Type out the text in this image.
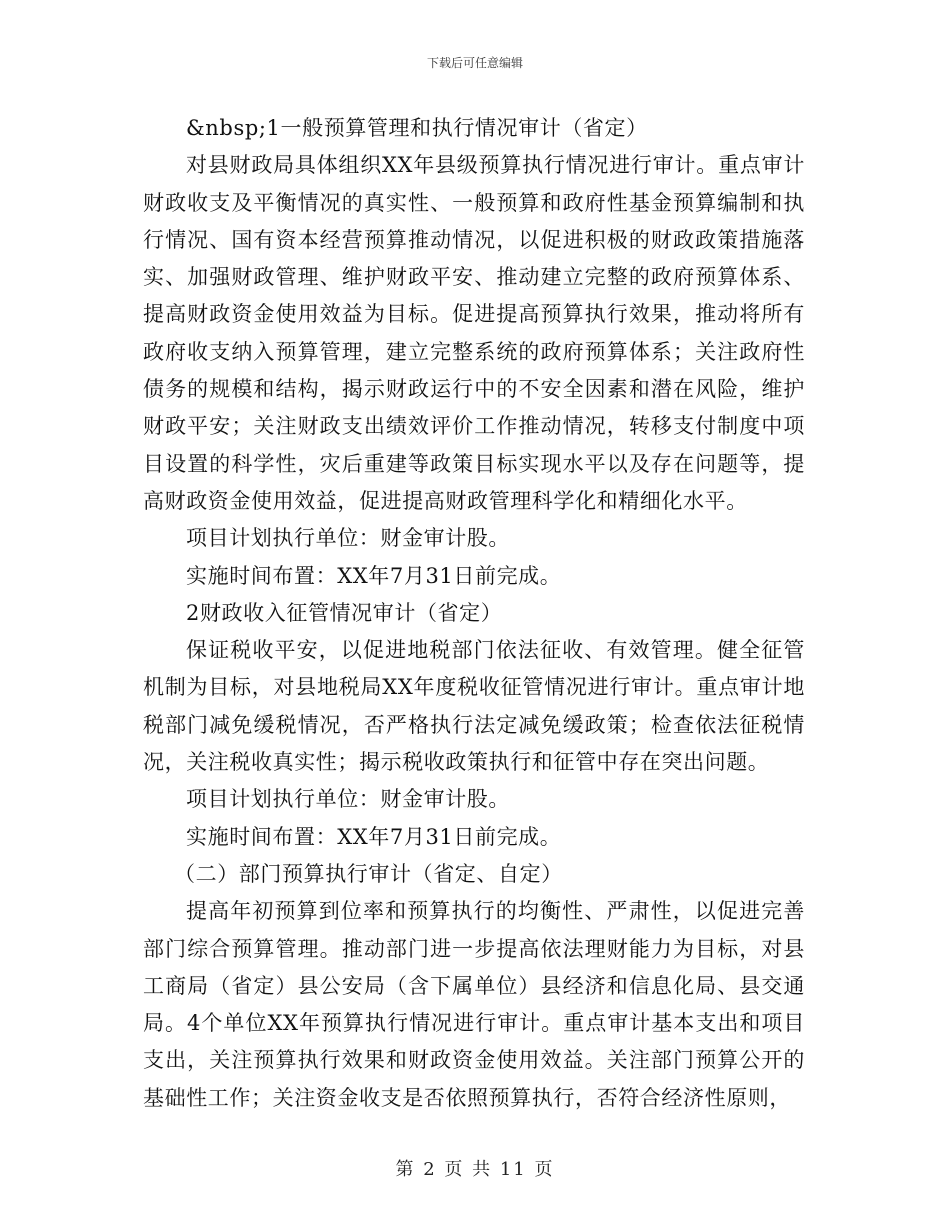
下载后可任意编辑

&nbsp;1一般预算管理和执行情况审计（省定）

对县财政局具体组织XX年县级预算执行情况进行审计。重点审计财政收支及平衡情况的真实性、一般预算和政府性基金预算编制和执行情况、国有资本经营预算推动情况，以促进积极的财政政策措施落实、加强财政管理、维护财政平安、推动建立完整的政府预算体系、提高财政资金使用效益为目标。促进提高预算执行效果，推动将所有政府收支纳入预算管理，建立完整系统的政府预算体系；关注政府性债务的规模和结构，揭示财政运行中的不安全因素和潜在风险，维护财政平安；关注财政支出绩效评价工作推动情况，转移支付制度中项目设置的科学性，灾后重建等政策目标实现水平以及存在问题等，提高财政资金使用效益，促进提高财政管理科学化和精细化水平。

项目计划执行单位：财金审计股。

实施时间布置：XX年7月31日前完成。

2财政收入征管情况审计（省定）

保证税收平安，以促进地税部门依法征收、有效管理。健全征管机制为目标，对县地税局XX年度税收征管情况进行审计。重点审计地税部门减免缓税情况，否严格执行法定减免缓政策；检查依法征税情况，关注税收真实性；揭示税收政策执行和征管中存在突出问题。

项目计划执行单位：财金审计股。

实施时间布置：XX年7月31日前完成。

（二）部门预算执行审计（省定、自定）

提高年初预算到位率和预算执行的均衡性、严肃性，以促进完善部门综合预算管理。推动部门进一步提高依法理财能力为目标，对县工商局（省定）县公安局（含下属单位）县经济和信息化局、县交通局。4个单位XX年预算执行情况进行审计。重点审计基本支出和项目支出，关注预算执行效果和财政资金使用效益。关注部门预算公开的基础性工作；关注资金收支是否依照预算执行，否符合经济性原则，

第 2 页 共 11 页
